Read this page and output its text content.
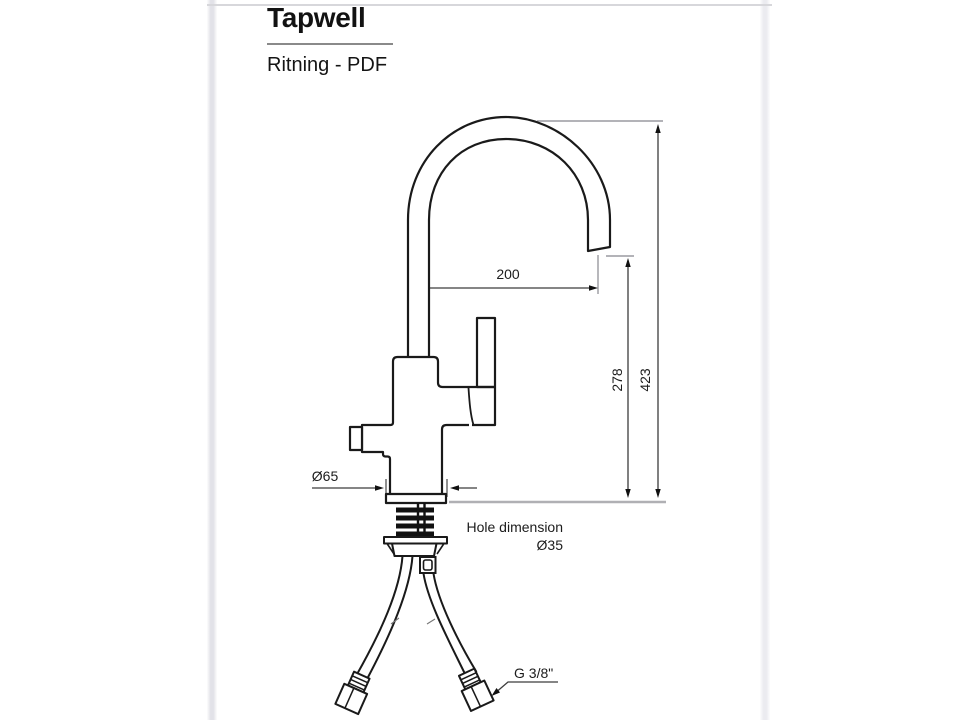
Tapwell
Ritning - PDF
200
278 423
Ø65
Hole dimension
Ø35
G 3/8"
